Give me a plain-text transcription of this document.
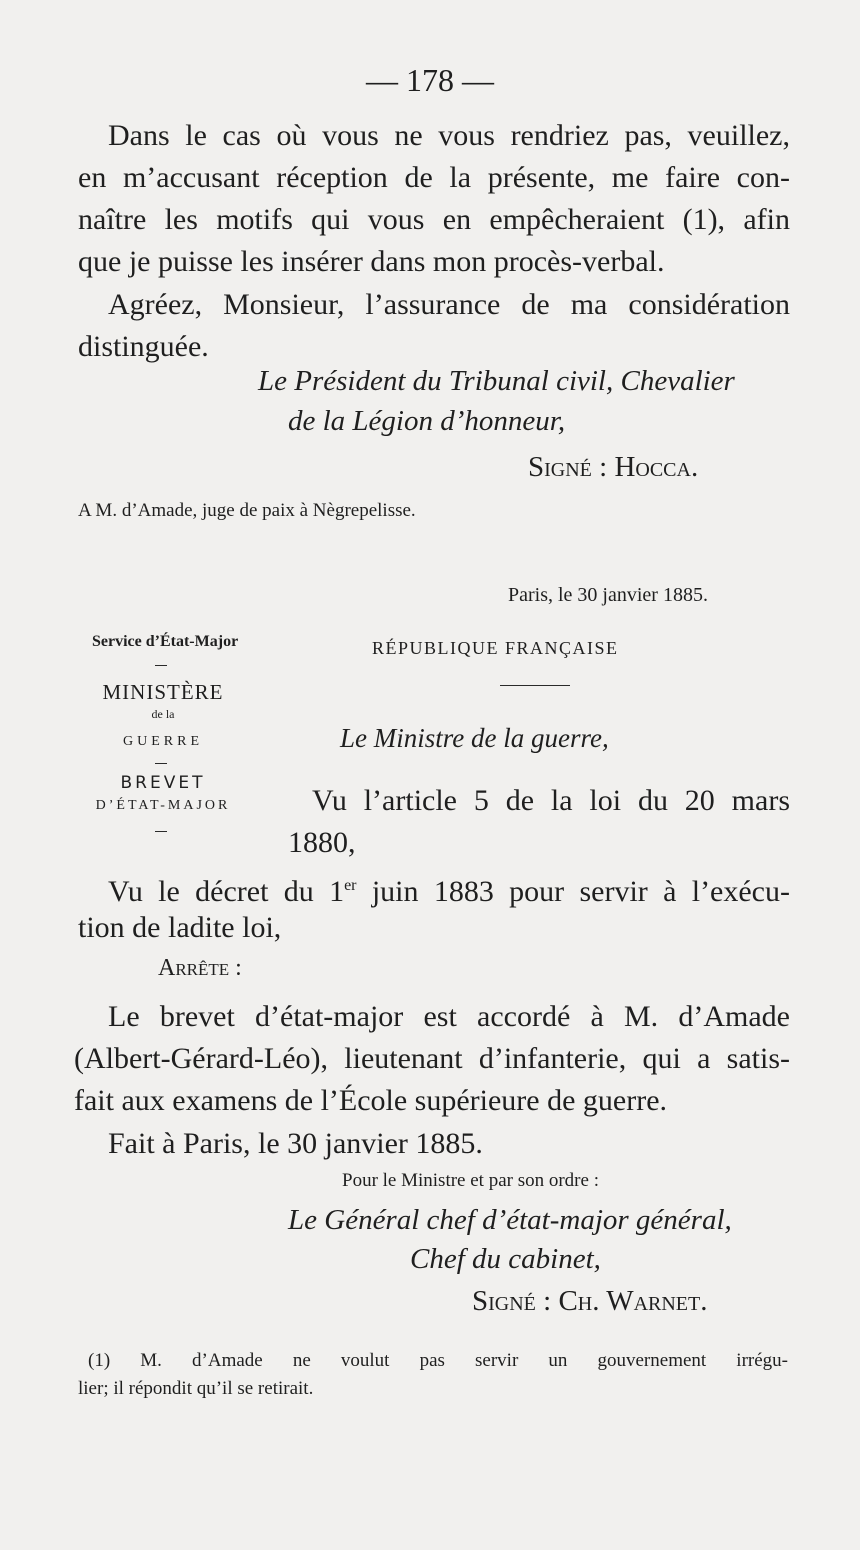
— 178 —
Dans le cas où vous ne vous rendriez pas, veuillez,
en m’accusant réception de la présente, me faire con-
naître les motifs qui vous en empêcheraient (1), afin
que je puisse les insérer dans mon procès-verbal.
Agréez, Monsieur, l’assurance de ma considération
distinguée.
Le Président du Tribunal civil, Chevalier
de la Légion d’honneur,
Signé : Hocca.
A M. d’Amade, juge de paix à Nègrepelisse.
Paris, le 30 janvier 1885.
Service d’État-Major
MINISTÈRE
de la
GUERRE
BREVET
D’ÉTAT-MAJOR
RÉPUBLIQUE FRANÇAISE
Le Ministre de la guerre,
Vu l’article 5 de la loi du 20 mars
1880,
Vu le décret du 1er juin 1883 pour servir à l’exécu-
tion de ladite loi,
Arrête :
Le brevet d’état-major est accordé à M. d’Amade
(Albert-Gérard-Léo), lieutenant d’infanterie, qui a satis-
fait aux examens de l’École supérieure de guerre.
Fait à Paris, le 30 janvier 1885.
Pour le Ministre et par son ordre :
Le Général chef d’état-major général,
Chef du cabinet,
Signé : Ch. Warnet.
(1) M. d’Amade ne voulut pas servir un gouvernement irrégu-
lier; il répondit qu’il se retirait.
